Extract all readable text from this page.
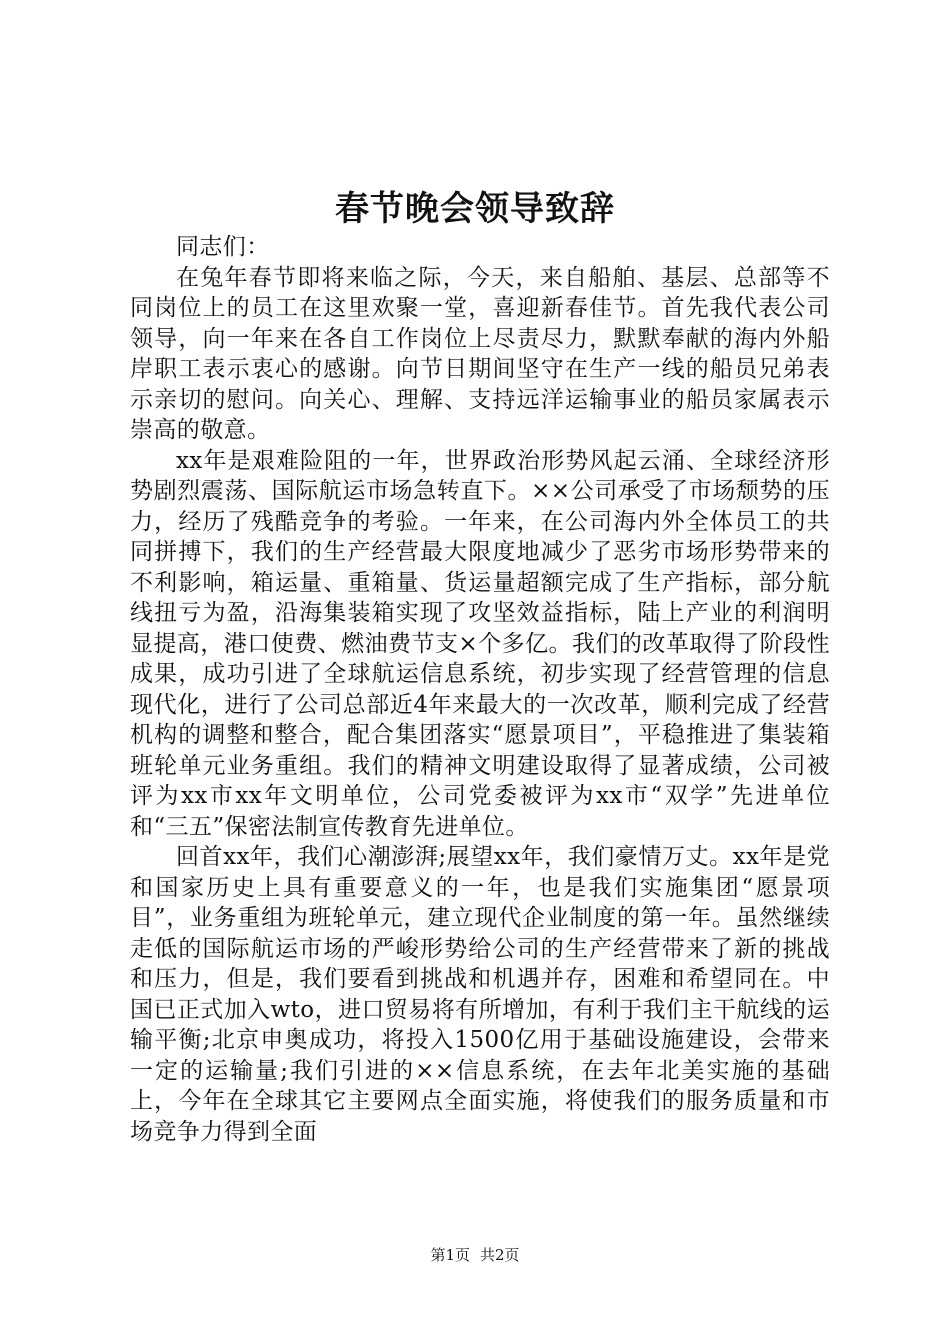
春节晚会领导致辞

同志们：

在兔年春节即将来临之际，今天，来自船舶、基层、总部等不同岗位上的员工在这里欢聚一堂，喜迎新春佳节。首先我代表公司领导，向一年来在各自工作岗位上尽责尽力，默默奉献的海内外船岸职工表示衷心的感谢。向节日期间坚守在生产一线的船员兄弟表示亲切的慰问。向关心、理解、支持远洋运输事业的船员家属表示崇高的敬意。

xx年是艰难险阻的一年，世界政治形势风起云涌、全球经济形势剧烈震荡、国际航运市场急转直下。××公司承受了市场颓势的压力，经历了残酷竞争的考验。一年来，在公司海内外全体员工的共同拼搏下，我们的生产经营最大限度地减少了恶劣市场形势带来的不利影响，箱运量、重箱量、货运量超额完成了生产指标，部分航线扭亏为盈，沿海集装箱实现了攻坚效益指标，陆上产业的利润明显提高，港口使费、燃油费节支×个多亿。我们的改革取得了阶段性成果，成功引进了全球航运信息系统，初步实现了经营管理的信息现代化，进行了公司总部近4年来最大的一次改革，顺利完成了经营机构的调整和整合，配合集团落实“愿景项目”，平稳推进了集装箱班轮单元业务重组。我们的精神文明建设取得了显著成绩，公司被评为xx市xx年文明单位，公司党委被评为xx市“双学”先进单位和“三五”保密法制宣传教育先进单位。

回首xx年，我们心潮澎湃;展望xx年，我们豪情万丈。xx年是党和国家历史上具有重要意义的一年，也是我们实施集团“愿景项目”，业务重组为班轮单元，建立现代企业制度的第一年。虽然继续走低的国际航运市场的严峻形势给公司的生产经营带来了新的挑战和压力，但是，我们要看到挑战和机遇并存，困难和希望同在。中国已正式加入wto，进口贸易将有所增加，有利于我们主干航线的运输平衡;北京申奥成功，将投入1500亿用于基础设施建设，会带来一定的运输量;我们引进的××信息系统，在去年北美实施的基础上，今年在全球其它主要网点全面实施，将使我们的服务质量和市场竞争力得到全面

第1页 共2页
